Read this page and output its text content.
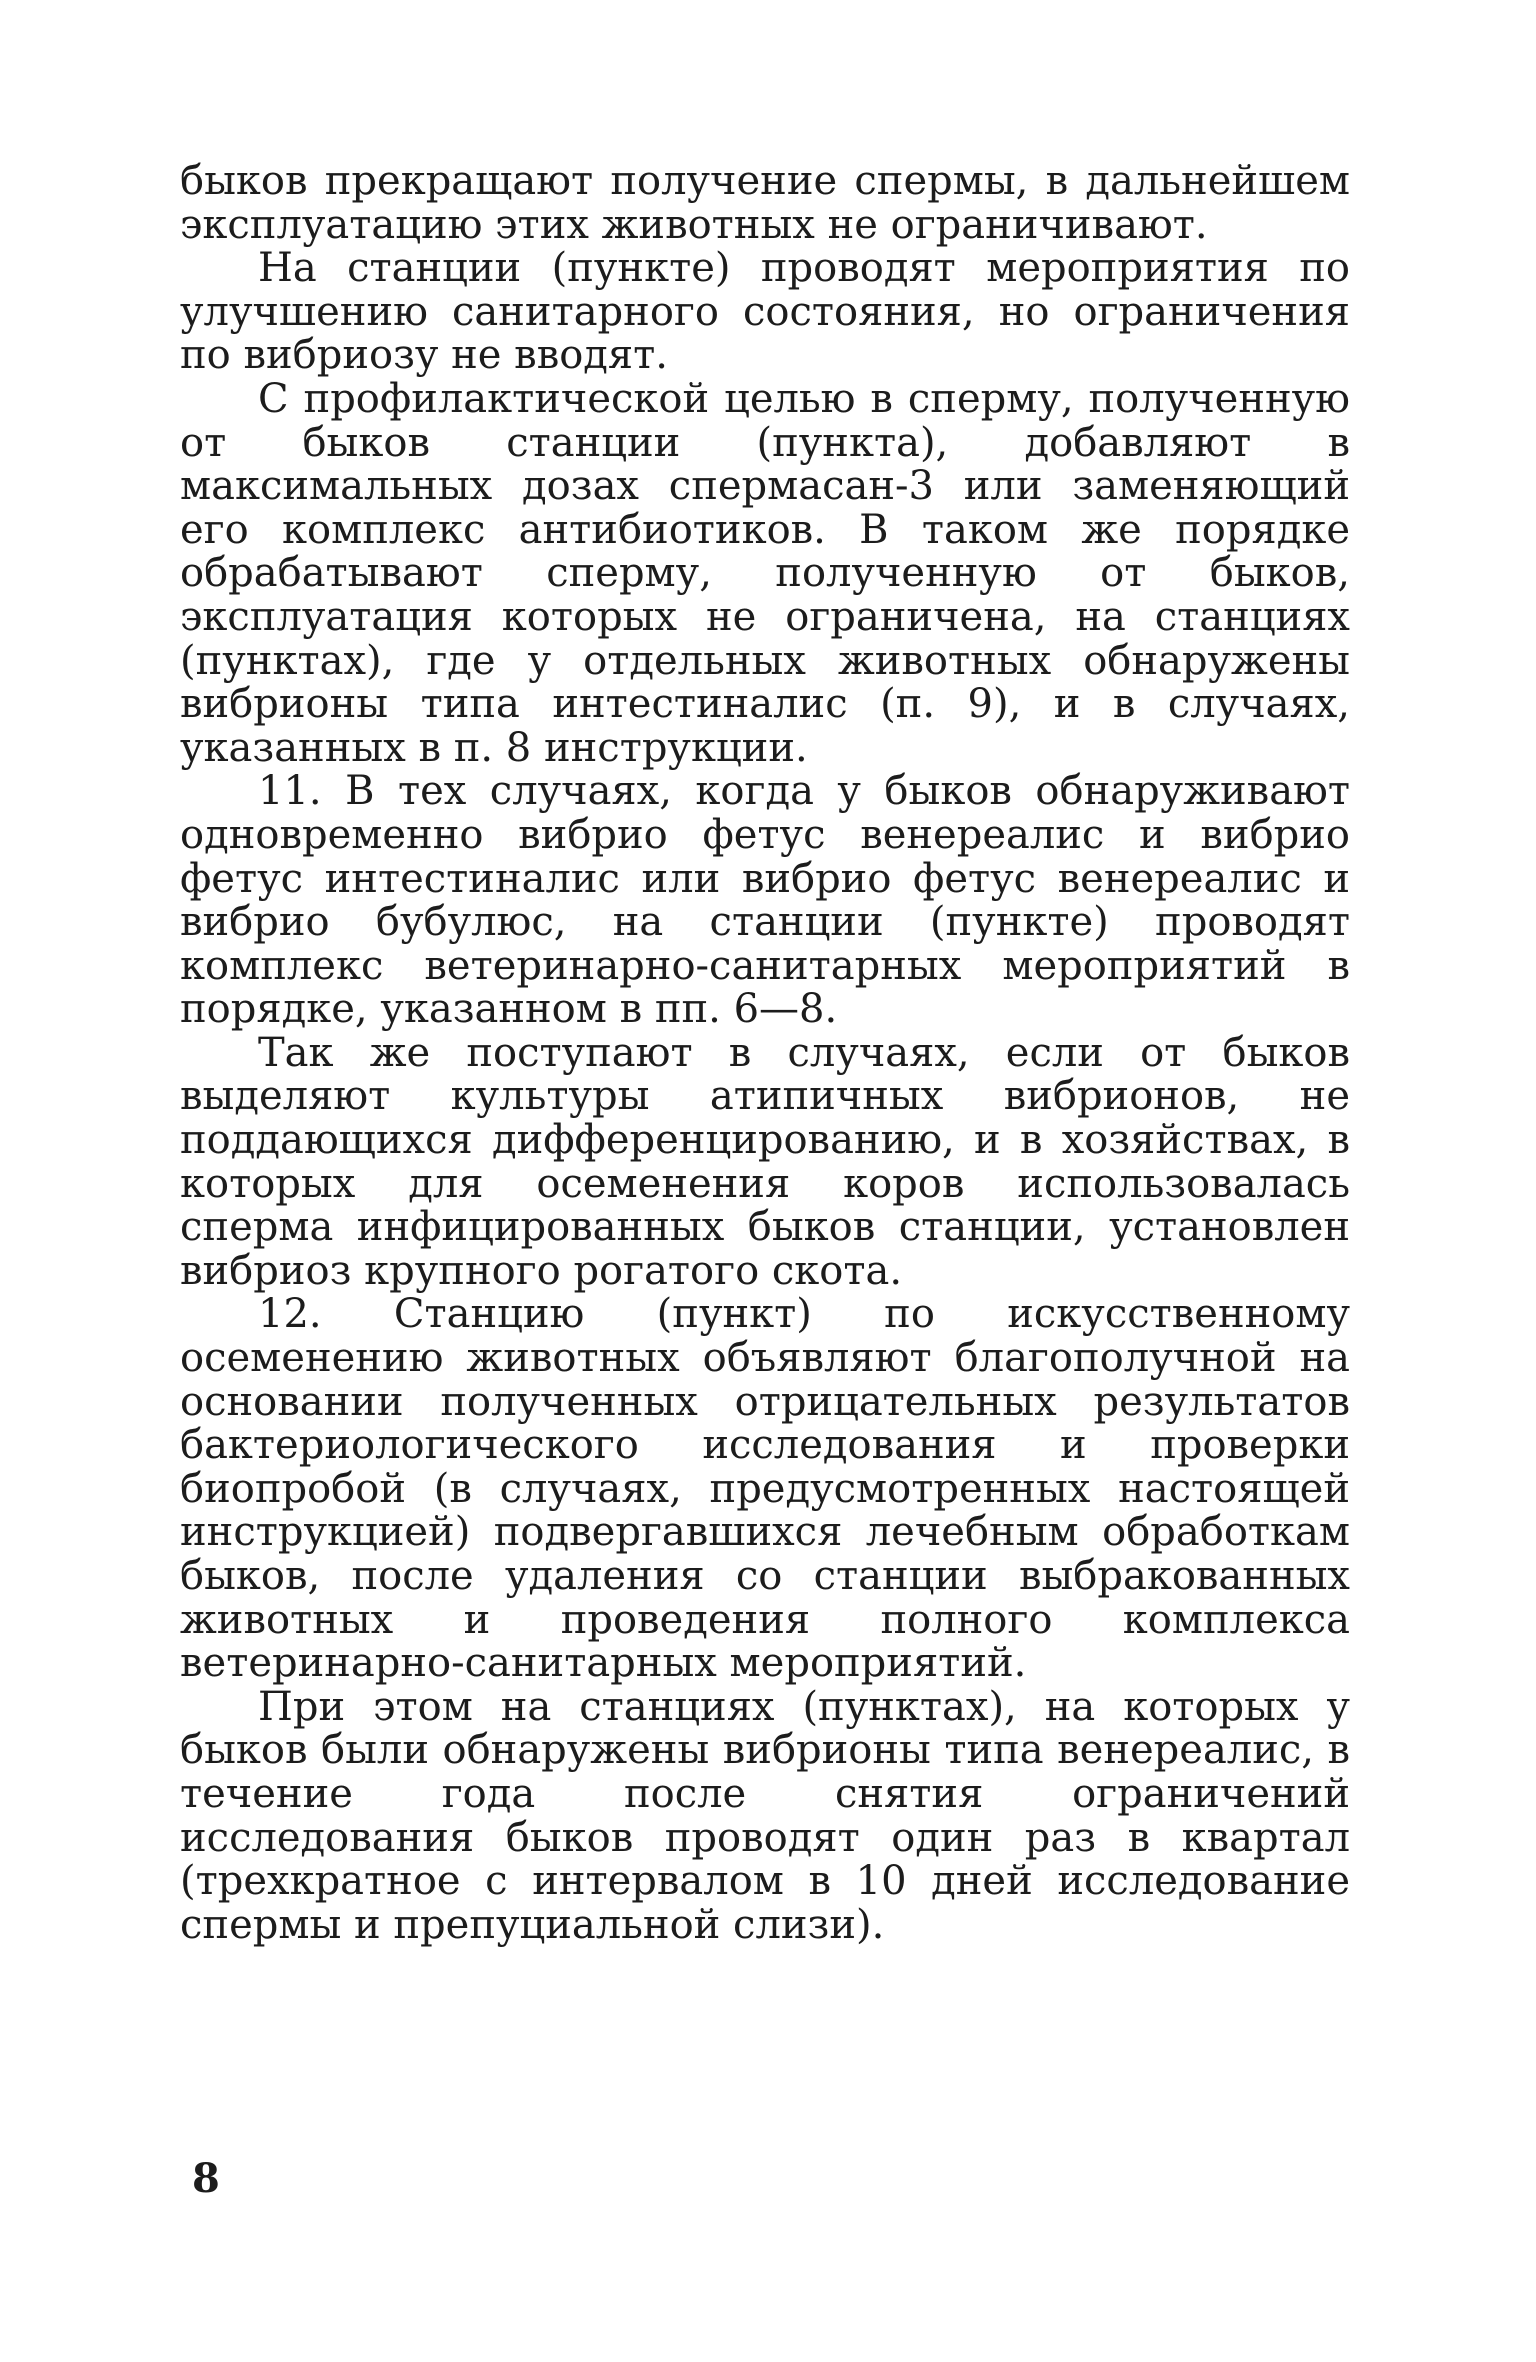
быков прекращают получение спермы, в дальнейшем эксплуатацию этих животных не ограничивают.

На станции (пункте) проводят мероприятия по улучшению санитарного состояния, но ограничения по вибриозу не вводят.

С профилактической целью в сперму, полученную от быков станции (пункта), добавляют в максимальных дозах спермасан-3 или заменяющий его комплекс антибиотиков. В таком же порядке обрабатывают сперму, полученную от быков, эксплуатация которых не ограничена, на станциях (пунктах), где у отдельных животных обнаружены вибрионы типа интестиналис (п. 9), и в случаях, указанных в п. 8 инструкции.

11. В тех случаях, когда у быков обнаруживают одновременно вибрио фетус венереалис и вибрио фетус интестиналис или вибрио фетус венереалис и вибрио бубулюс, на станции (пункте) проводят комплекс ветеринарно-санитарных мероприятий в порядке, указанном в пп. 6—8.

Так же поступают в случаях, если от быков выделяют культуры атипичных вибрионов, не поддающихся дифференцированию, и в хозяйствах, в которых для осеменения коров использовалась сперма инфицированных быков станции, установлен вибриоз крупного рогатого скота.

12. Станцию (пункт) по искусственному осеменению животных объявляют благополучной на основании полученных отрицательных результатов бактериологического исследования и проверки биопробой (в случаях, предусмотренных настоящей инструкцией) подвергавшихся лечебным обработкам быков, после удаления со станции выбракованных животных и проведения полного комплекса ветеринарно-санитарных мероприятий.

При этом на станциях (пунктах), на которых у быков были обнаружены вибрионы типа венереалис, в течение года после снятия ограничений исследования быков проводят один раз в квартал (трехкратное с интервалом в 10 дней исследование спермы и препуциальной слизи).

8
